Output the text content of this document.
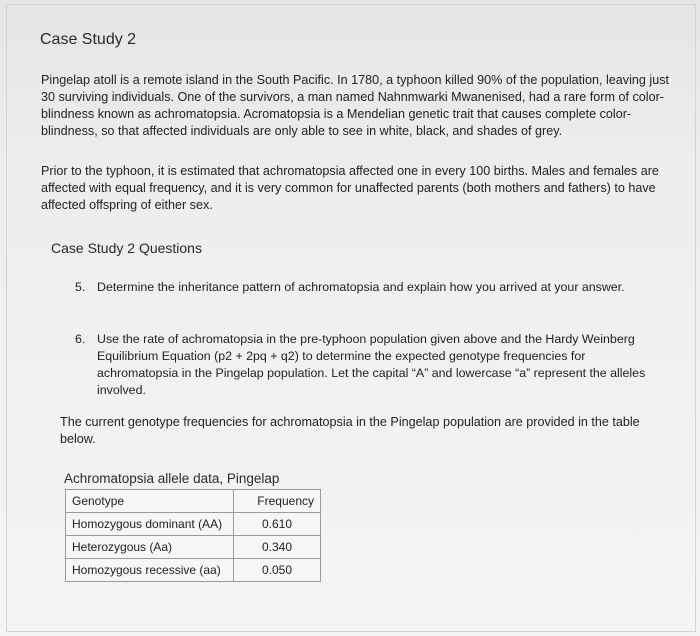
Case Study 2
Pingelap atoll is a remote island in the South Pacific. In 1780, a typhoon killed 90% of the population, leaving just 30 surviving individuals. One of the survivors, a man named Nahnmwarki Mwanenised, had a rare form of color-blindness known as achromatopsia. Acromatopsia is a Mendelian genetic trait that causes complete color-blindness, so that affected individuals are only able to see in white, black, and shades of grey.
Prior to the typhoon, it is estimated that achromatopsia affected one in every 100 births. Males and females are affected with equal frequency, and it is very common for unaffected parents (both mothers and fathers) to have affected offspring of either sex.
Case Study 2 Questions
5. Determine the inheritance pattern of achromatopsia and explain how you arrived at your answer.
6. Use the rate of achromatopsia in the pre-typhoon population given above and the Hardy Weinberg Equilibrium Equation (p2 + 2pq + q2) to determine the expected genotype frequencies for achromatopsia in the Pingelap population. Let the capital “A” and lowercase “a” represent the alleles involved.
The current genotype frequencies for achromatopsia in the Pingelap population are provided in the table below.
Achromatopsia allele data, Pingelap
Genotype	Frequency
Homozygous dominant (AA)	0.610
Heterozygous (Aa)	0.340
Homozygous recessive (aa)	0.050
